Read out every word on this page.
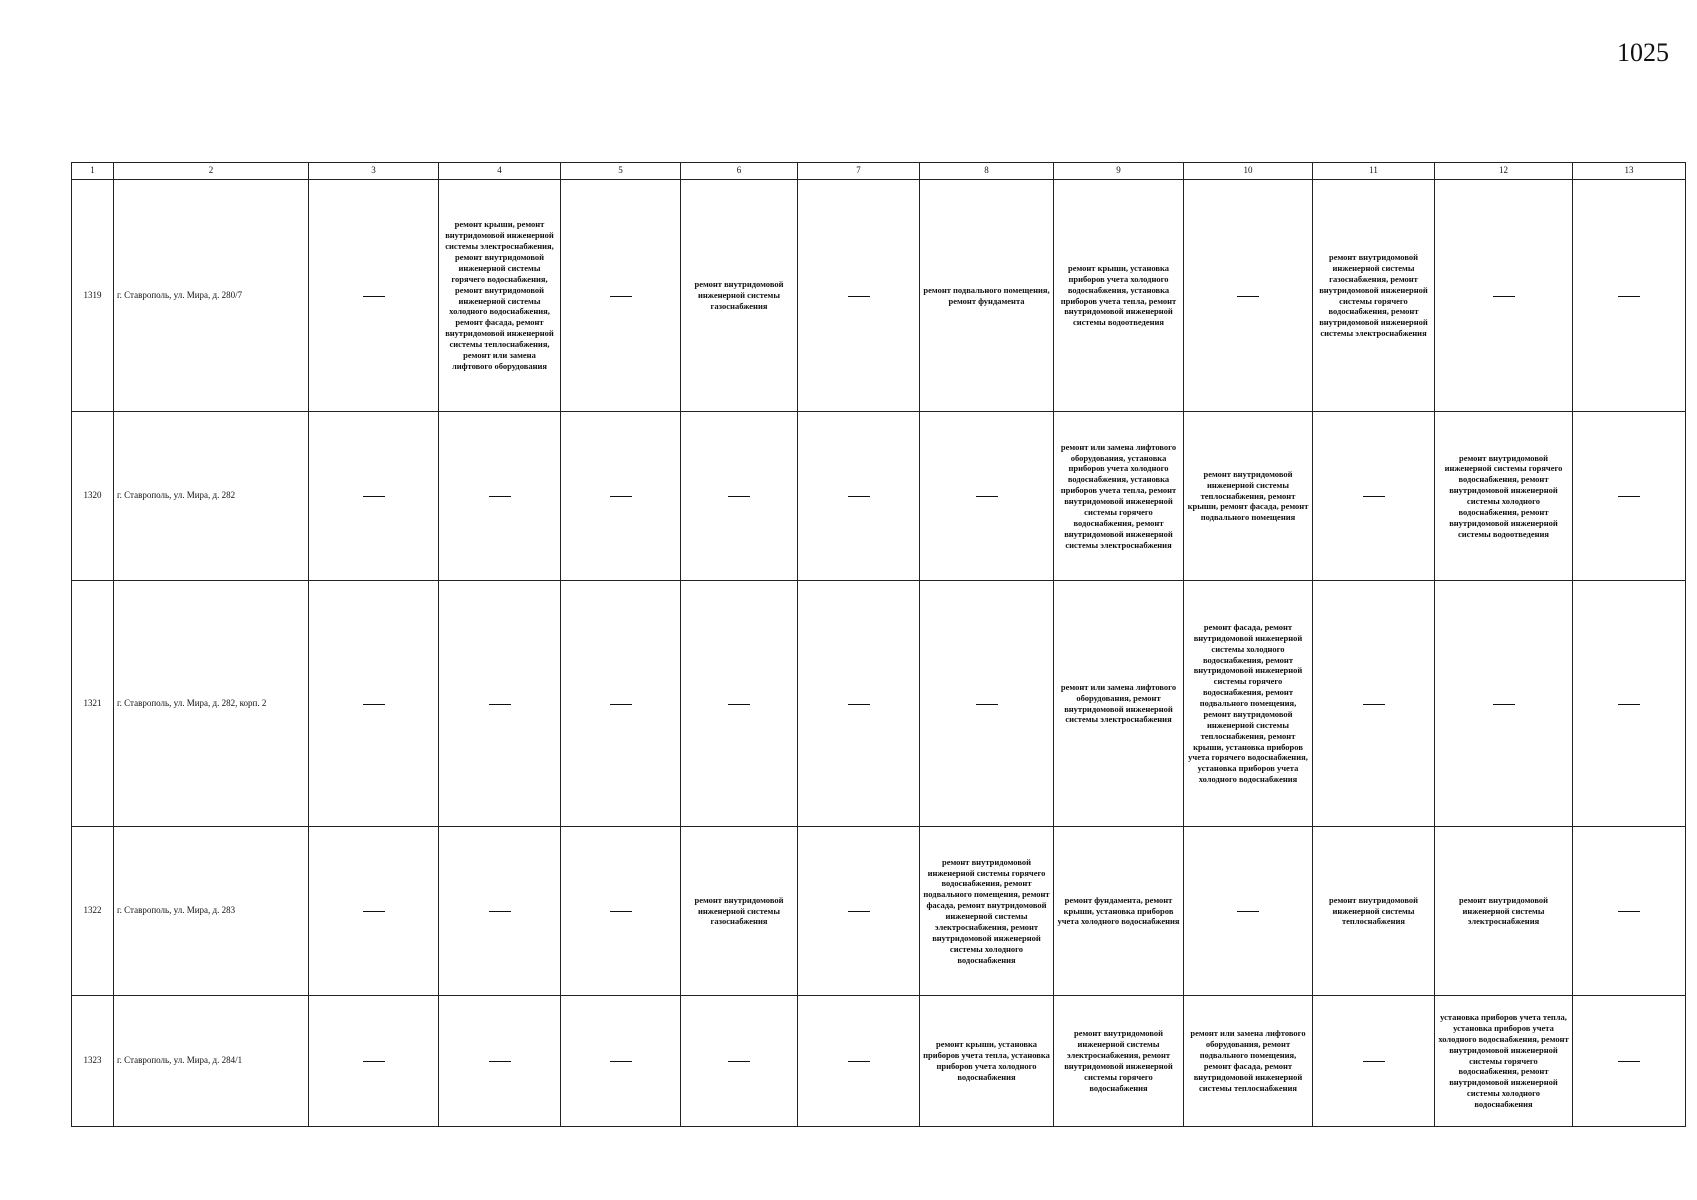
1025
1	2	3	4	5	6	7	8	9	10	11	12	13
1319	г. Ставрополь, ул. Мира, д. 280/7		ремонт крыши, ремонт внутридомовой инженерной системы электроснабжения, ремонт внутридомовой инженерной системы горячего водоснабжения, ремонт внутридомовой инженерной системы холодного водоснабжения, ремонт фасада, ремонт внутридомовой инженерной системы теплоснабжения, ремонт или замена лифтового оборудования		ремонт внутридомовой инженерной системы газоснабжения		ремонт подвального помещения, ремонт фундамента	ремонт крыши, установка приборов учета холодного водоснабжения, установка приборов учета тепла, ремонт внутридомовой инженерной системы водоотведения		ремонт внутридомовой инженерной системы газоснабжения, ремонт внутридомовой инженерной системы горячего водоснабжения, ремонт внутридомовой инженерной системы электроснабжения		
1320	г. Ставрополь, ул. Мира, д. 282							ремонт или замена лифтового оборудования, установка приборов учета холодного водоснабжения, установка приборов учета тепла, ремонт внутридомовой инженерной системы горячего водоснабжения, ремонт внутридомовой инженерной системы электроснабжения	ремонт внутридомовой инженерной системы теплоснабжения, ремонт крыши, ремонт фасада, ремонт подвального помещения		ремонт внутридомовой инженерной системы горячего водоснабжения, ремонт внутридомовой инженерной системы холодного водоснабжения, ремонт внутридомовой инженерной системы водоотведения	
1321	г. Ставрополь, ул. Мира, д. 282, корп. 2							ремонт или замена лифтового оборудования, ремонт внутридомовой инженерной системы электроснабжения	ремонт фасада, ремонт внутридомовой инженерной системы холодного водоснабжения, ремонт внутридомовой инженерной системы горячего водоснабжения, ремонт подвального помещения, ремонт внутридомовой инженерной системы теплоснабжения, ремонт крыши, установка приборов учета горячего водоснабжения, установка приборов учета холодного водоснабжения			
1322	г. Ставрополь, ул. Мира, д. 283				ремонт внутридомовой инженерной системы газоснабжения		ремонт внутридомовой инженерной системы горячего водоснабжения, ремонт подвального помещения, ремонт фасада, ремонт внутридомовой инженерной системы электроснабжения, ремонт внутридомовой инженерной системы холодного водоснабжения	ремонт фундамента, ремонт крыши, установка приборов учета холодного водоснабжения		ремонт внутридомовой инженерной системы теплоснабжения	ремонт внутридомовой инженерной системы электроснабжения	
1323	г. Ставрополь, ул. Мира, д. 284/1						ремонт крыши, установка приборов учета тепла, установка приборов учета холодного водоснабжения	ремонт внутридомовой инженерной системы электроснабжения, ремонт внутридомовой инженерной системы горячего водоснабжения	ремонт или замена лифтового оборудования, ремонт подвального помещения, ремонт фасада, ремонт внутридомовой инженерной системы теплоснабжения		установка приборов учета тепла, установка приборов учета холодного водоснабжения, ремонт внутридомовой инженерной системы горячего водоснабжения, ремонт внутридомовой инженерной системы холодного водоснабжения	
